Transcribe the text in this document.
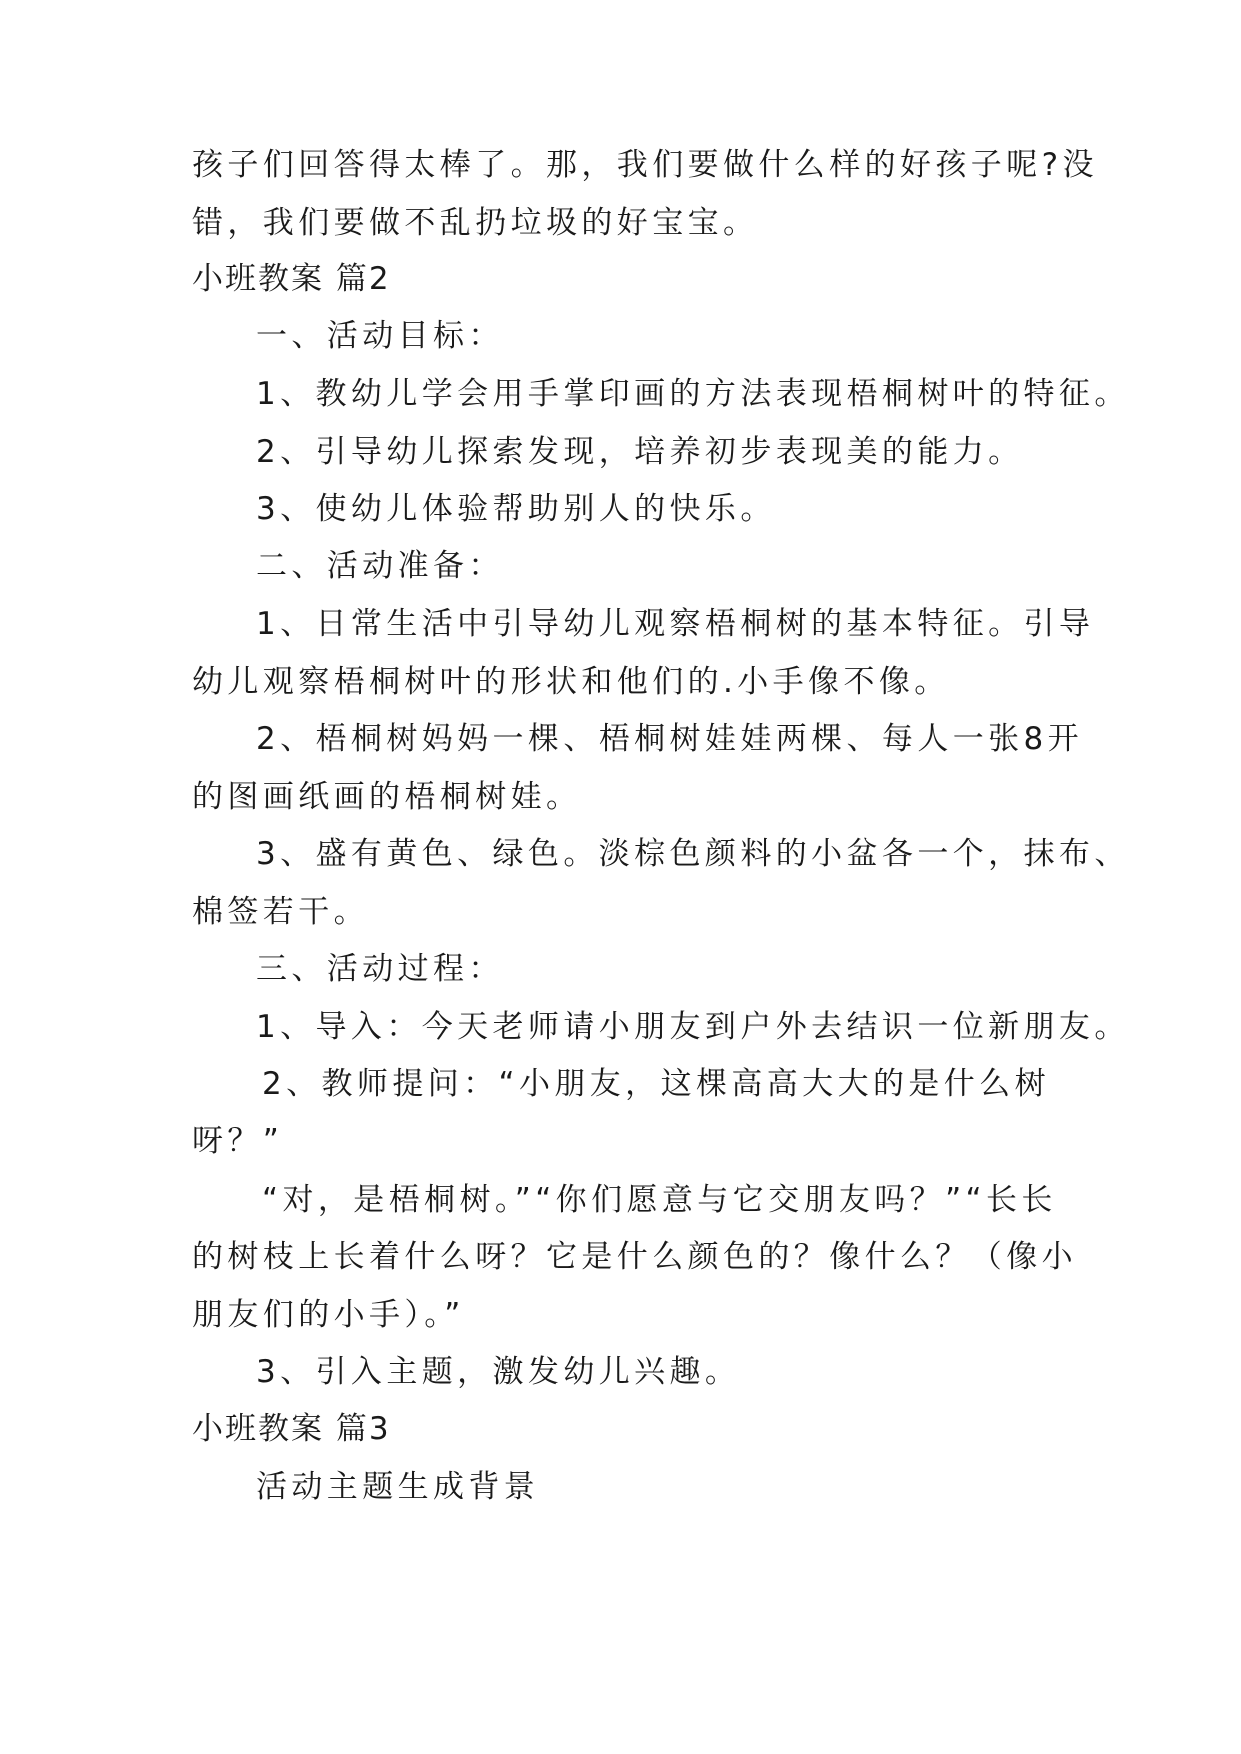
孩子们回答得太棒了。那，我们要做什么样的好孩子呢?没
错，我们要做不乱扔垃圾的好宝宝。
小班教案 篇2
一、活动目标：
1、教幼儿学会用手掌印画的方法表现梧桐树叶的特征。
2、引导幼儿探索发现，培养初步表现美的能力。
3、使幼儿体验帮助别人的快乐。
二、活动准备：
1、日常生活中引导幼儿观察梧桐树的基本特征。引导
幼儿观察梧桐树叶的形状和他们的.小手像不像。
2、梧桐树妈妈一棵、梧桐树娃娃两棵、每人一张8开
的图画纸画的梧桐树娃。
3、盛有黄色、绿色。淡棕色颜料的小盆各一个，抹布、
棉签若干。
三、活动过程：
1、导入：今天老师请小朋友到户外去结识一位新朋友。
2、教师提问：“小朋友，这棵高高大大的是什么树
呀？”
“对，是梧桐树。”“你们愿意与它交朋友吗？”“长长
的树枝上长着什么呀？它是什么颜色的？像什么？（像小
朋友们的小手）。”
3、引入主题，激发幼儿兴趣。
小班教案 篇3
活动主题生成背景
